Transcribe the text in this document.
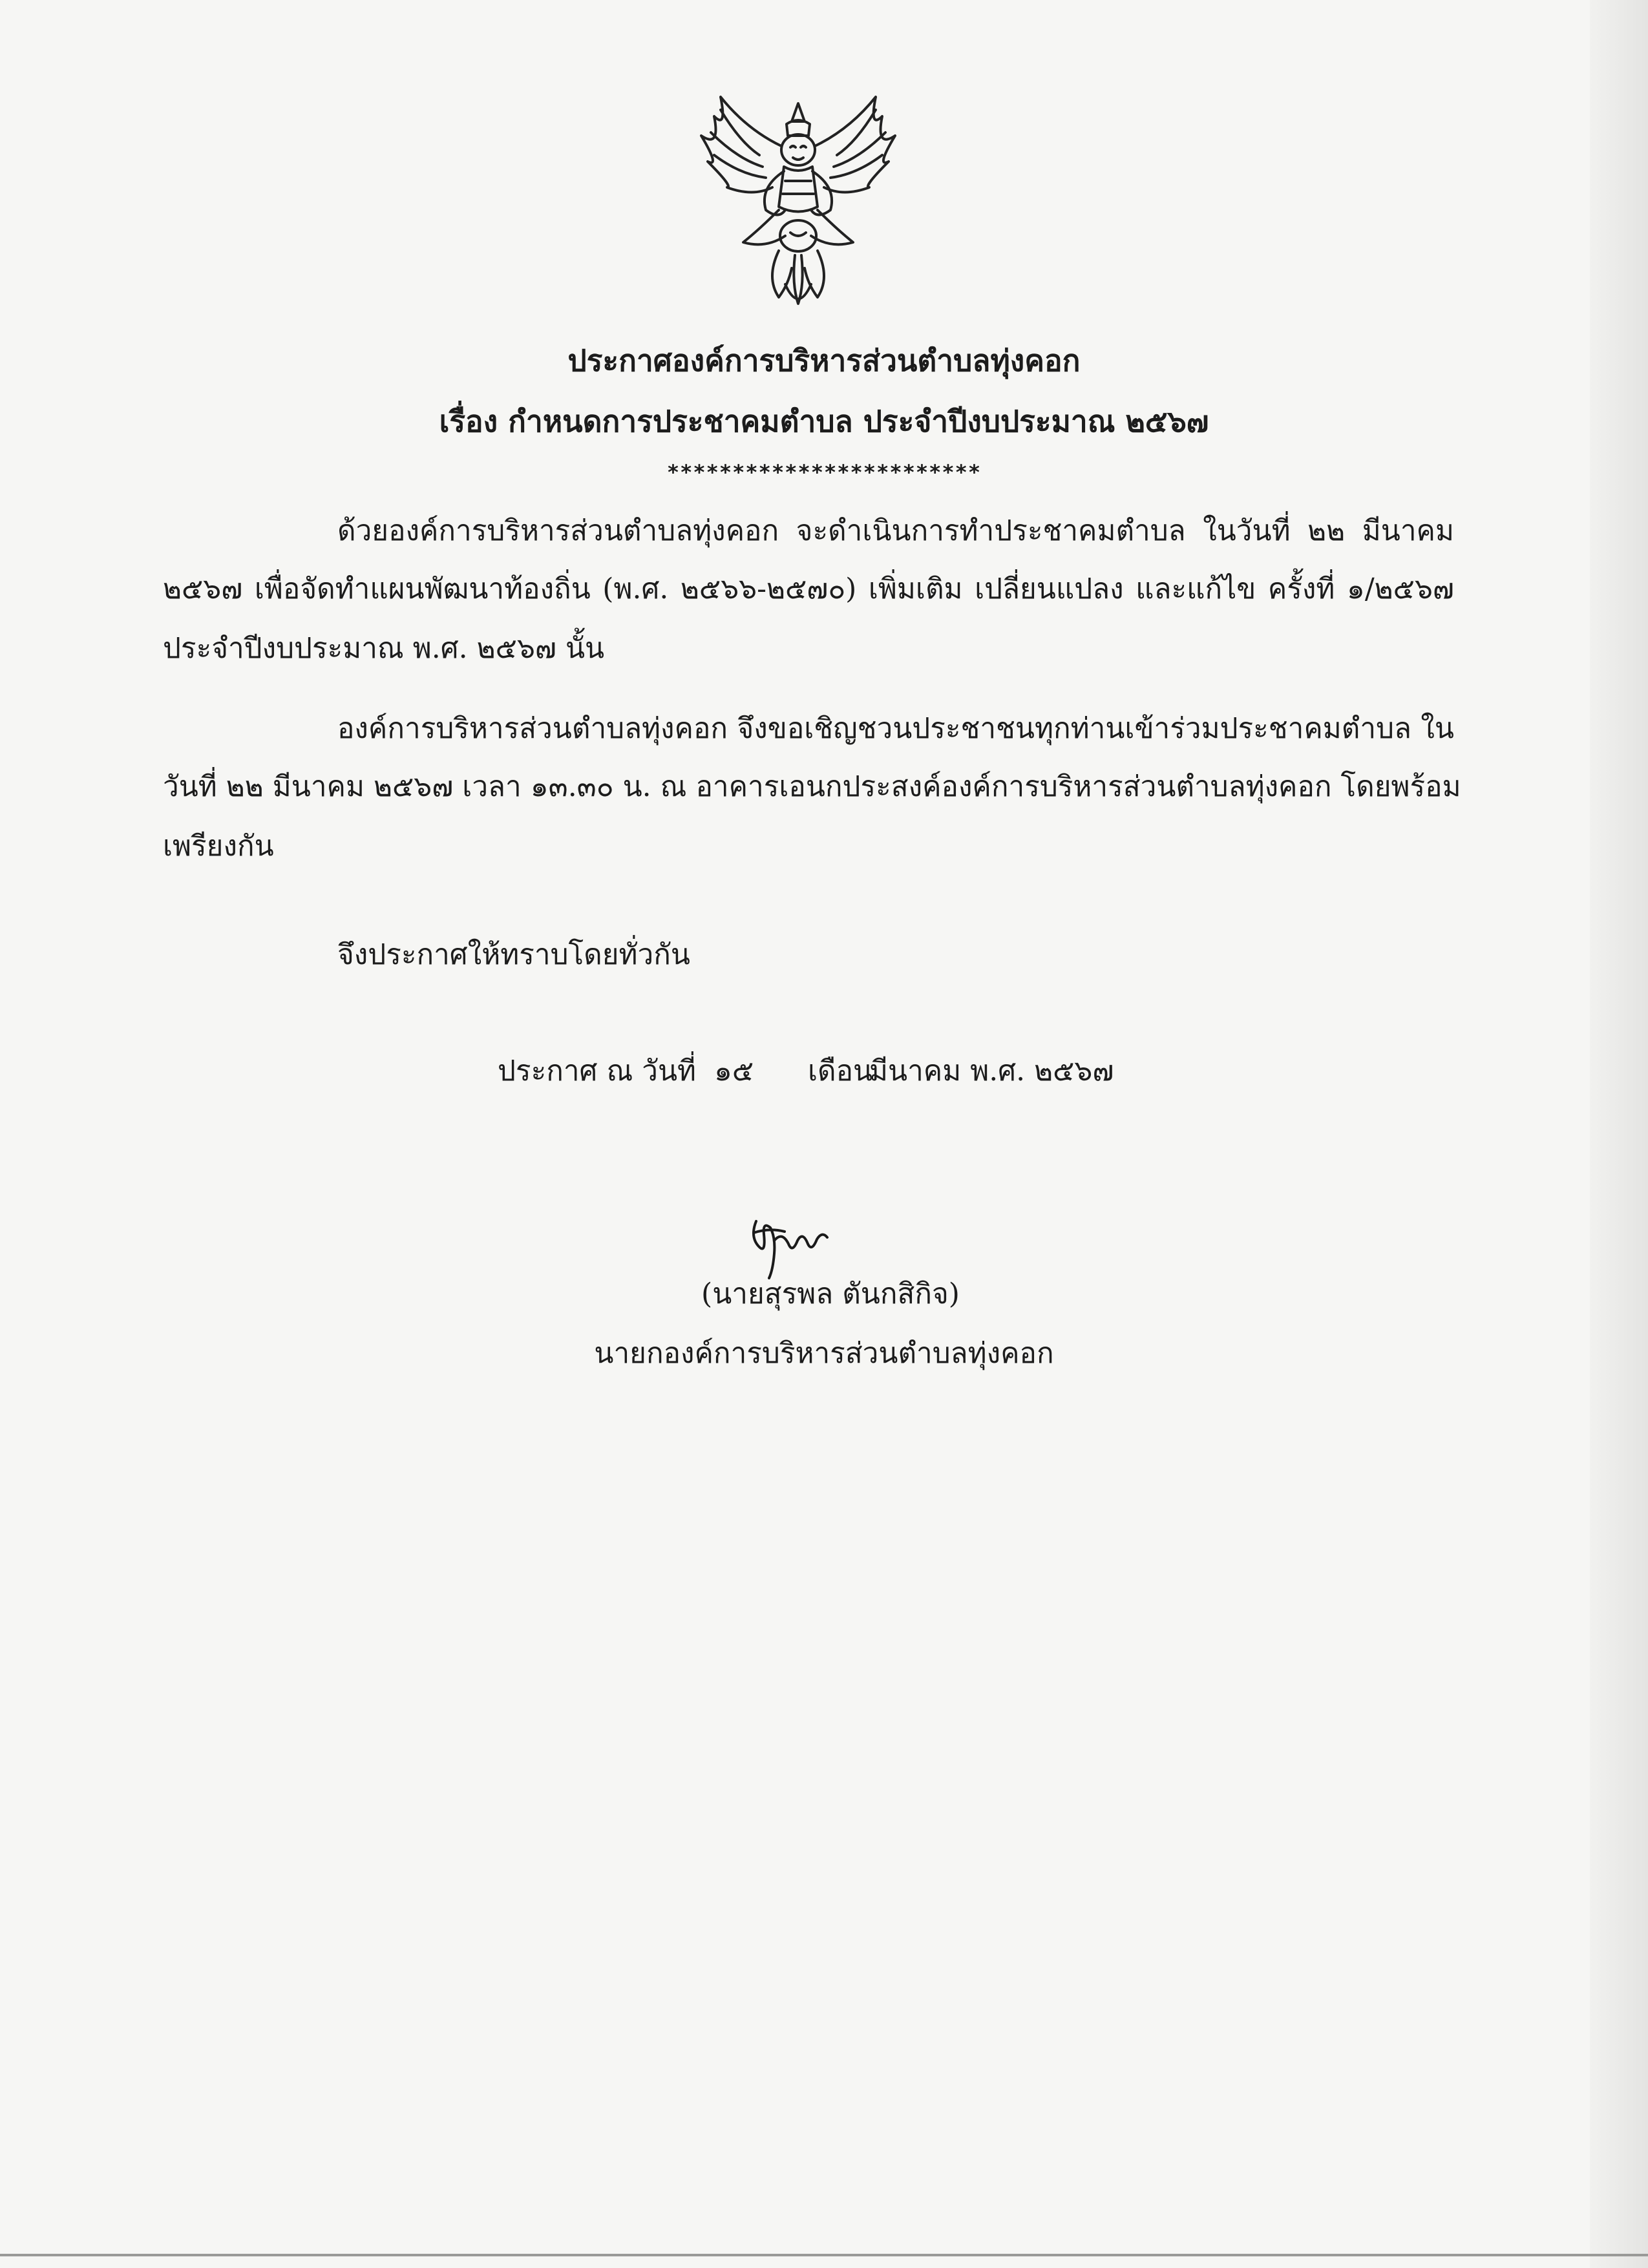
ประกาศองค์การบริหารส่วนตำบลทุ่งคอก
เรื่อง กำหนดการประชาคมตำบล ประจำปีงบประมาณ ๒๕๖๗
************************
ด้วยองค์การบริหารส่วนตำบลทุ่งคอก จะดำเนินการทำประชาคมตำบล ในวันที่ ๒๒ มีนาคม
๒๕๖๗ เพื่อจัดทำแผนพัฒนาท้องถิ่น (พ.ศ. ๒๕๖๖-๒๕๗๐) เพิ่มเติม เปลี่ยนแปลง และแก้ไข ครั้งที่ ๑/๒๕๖๗
ประจำปีงบประมาณ พ.ศ. ๒๕๖๗ นั้น
องค์การบริหารส่วนตำบลทุ่งคอก จึงขอเชิญชวนประชาชนทุกท่านเข้าร่วมประชาคมตำบล ใน
วันที่ ๒๒ มีนาคม ๒๕๖๗ เวลา ๑๓.๓๐ น. ณ อาคารเอนกประสงค์องค์การบริหารส่วนตำบลทุ่งคอก โดยพร้อม
เพรียงกัน
จึงประกาศให้ทราบโดยทั่วกัน
ประกาศ ณ วันที่ ๑๕ เดือนมีนาคม พ.ศ. ๒๕๖๗
(นายสุรพล ตันกสิกิจ)
นายกองค์การบริหารส่วนตำบลทุ่งคอก
